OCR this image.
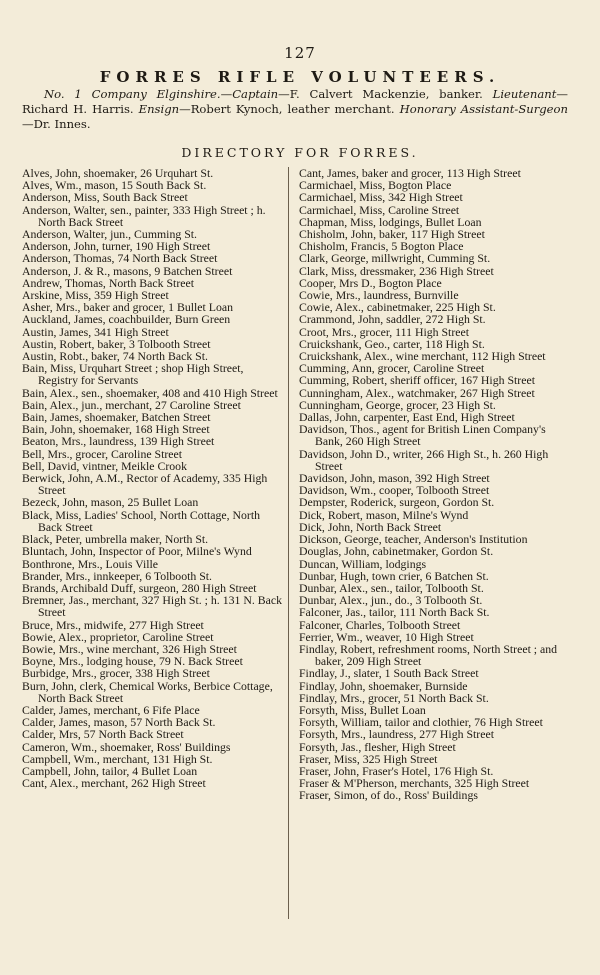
127
FORRES RIFLE VOLUNTEERS.
No. 1 Company Elginshire.—Captain—F. Calvert Mackenzie, banker. Lieutenant—Richard H. Harris. Ensign—Robert Kynoch, leather merchant. Honorary Assistant-Surgeon—Dr. Innes.
DIRECTORY FOR FORRES.

Alves, John, shoemaker, 26 Urquhart St.

Alves, Wm., mason, 15 South Back St.

Anderson, Miss, South Back Street

Anderson, Walter, sen., painter, 333 High Street ; h. North Back Street

Anderson, Walter, jun., Cumming St.

Anderson, John, turner, 190 High Street

Anderson, Thomas, 74 North Back Street

Anderson, J. & R., masons, 9 Batchen Street

Andrew, Thomas, North Back Street

Arskine, Miss, 359 High Street

Asher, Mrs., baker and grocer, 1 Bullet Loan

Auckland, James, coachbuilder, Burn Green

Austin, James, 341 High Street

Austin, Robert, baker, 3 Tolbooth Street

Austin, Robt., baker, 74 North Back St.

Bain, Miss, Urquhart Street ; shop High Street, Registry for Servants

Bain, Alex., sen., shoemaker, 408 and 410 High Street

Bain, Alex., jun., merchant, 27 Caroline Street

Bain, James, shoemaker, Batchen Street

Bain, John, shoemaker, 168 High Street

Beaton, Mrs., laundress, 139 High Street

Bell, Mrs., grocer, Caroline Street

Bell, David, vintner, Meikle Crook

Berwick, John, A.M., Rector of Academy, 335 High Street

Bezeck, John, mason, 25 Bullet Loan

Black, Miss, Ladies' School, North Cottage, North Back Street

Black, Peter, umbrella maker, North St.

Bluntach, John, Inspector of Poor, Milne's Wynd

Bonthrone, Mrs., Louis Ville

Brander, Mrs., innkeeper, 6 Tolbooth St.

Brands, Archibald Duff, surgeon, 280 High Street

Bremner, Jas., merchant, 327 High St. ; h. 131 N. Back Street

Bruce, Mrs., midwife, 277 High Street

Bowie, Alex., proprietor, Caroline Street

Bowie, Mrs., wine merchant, 326 High Street

Boyne, Mrs., lodging house, 79 N. Back Street

Burbidge, Mrs., grocer, 338 High Street

Burn, John, clerk, Chemical Works, Berbice Cottage, North Back Street

Calder, James, merchant, 6 Fife Place

Calder, James, mason, 57 North Back St.

Calder, Mrs, 57 North Back Street

Cameron, Wm., shoemaker, Ross' Buildings

Campbell, Wm., merchant, 131 High St.

Campbell, John, tailor, 4 Bullet Loan

Cant, Alex., merchant, 262 High Street

Cant, James, baker and grocer, 113 High Street

Carmichael, Miss, Bogton Place

Carmichael, Miss, 342 High Street

Carmichael, Miss, Caroline Street

Chapman, Miss, lodgings, Bullet Loan

Chisholm, John, baker, 117 High Street

Chisholm, Francis, 5 Bogton Place

Clark, George, millwright, Cumming St.

Clark, Miss, dressmaker, 236 High Street

Cooper, Mrs D., Bogton Place

Cowie, Mrs., laundress, Burnville

Cowie, Alex., cabinetmaker, 225 High St.

Crammond, John, saddler, 272 High St.

Croot, Mrs., grocer, 111 High Street

Cruickshank, Geo., carter, 118 High St.

Cruickshank, Alex., wine merchant, 112 High Street

Cumming, Ann, grocer, Caroline Street

Cumming, Robert, sheriff officer, 167 High Street

Cunningham, Alex., watchmaker, 267 High Street

Cunningham, George, grocer, 23 High St.

Dallas, John, carpenter, East End, High Street

Davidson, Thos., agent for British Linen Company's Bank, 260 High Street

Davidson, John D., writer, 266 High St., h. 260 High Street

Davidson, John, mason, 392 High Street

Davidson, Wm., cooper, Tolbooth Street

Dempster, Roderick, surgeon, Gordon St.

Dick, Robert, mason, Milne's Wynd

Dick, John, North Back Street

Dickson, George, teacher, Anderson's Institution

Douglas, John, cabinetmaker, Gordon St.

Duncan, William, lodgings

Dunbar, Hugh, town crier, 6 Batchen St.

Dunbar, Alex., sen., tailor, Tolbooth St.

Dunbar, Alex., jun., do., 3 Tolbooth St.

Falconer, Jas., tailor, 111 North Back St.

Falconer, Charles, Tolbooth Street

Ferrier, Wm., weaver, 10 High Street

Findlay, Robert, refreshment rooms, North Street ; and baker, 209 High Street

Findlay, J., slater, 1 South Back Street

Findlay, John, shoemaker, Burnside

Findlay, Mrs., grocer, 51 North Back St.

Forsyth, Miss, Bullet Loan

Forsyth, William, tailor and clothier, 76 High Street

Forsyth, Mrs., laundress, 277 High Street

Forsyth, Jas., flesher, High Street

Fraser, Miss, 325 High Street

Fraser, John, Fraser's Hotel, 176 High St.

Fraser & M'Pherson, merchants, 325 High Street

Fraser, Simon, of do., Ross' Buildings
